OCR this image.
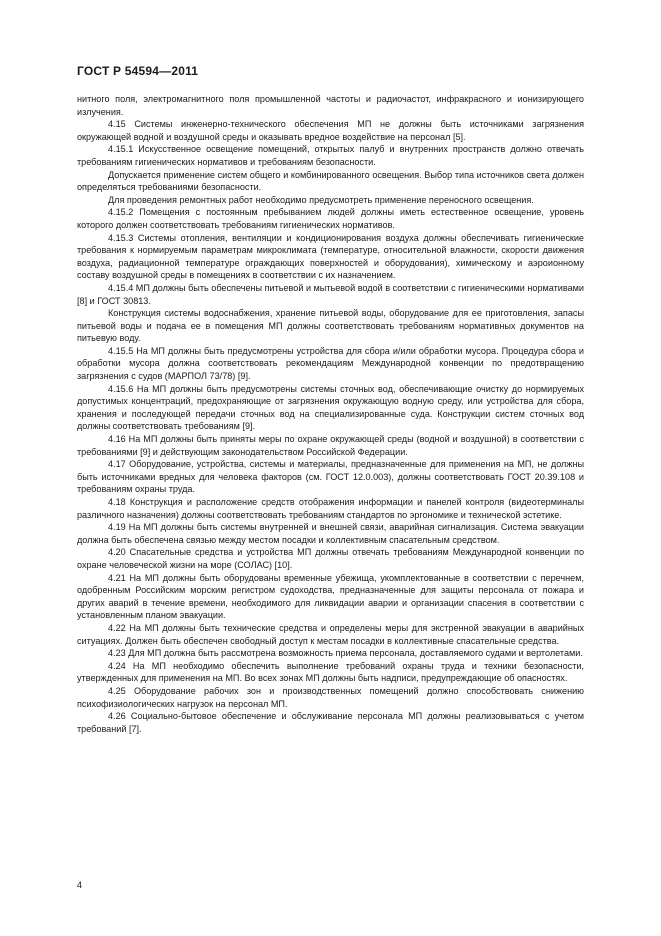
ГОСТ Р 54594—2011

нитного поля, электромагнитного поля промышленной частоты и радиочастот, инфракрасного и ионизирующего излучения.

4.15 Системы инженерно-технического обеспечения МП не должны быть источниками загрязнения окружающей водной и воздушной среды и оказывать вредное воздействие на персонал [5].

4.15.1 Искусственное освещение помещений, открытых палуб и внутренних пространств должно отвечать требованиям гигиенических нормативов и требованиям безопасности.

Допускается применение систем общего и комбинированного освещения. Выбор типа источников света должен определяться требованиями безопасности.

Для проведения ремонтных работ необходимо предусмотреть применение переносного освещения.

4.15.2 Помещения с постоянным пребыванием людей должны иметь естественное освещение, уровень которого должен соответствовать требованиям гигиенических нормативов.

4.15.3 Системы отопления, вентиляции и кондиционирования воздуха должны обеспечивать гигиенические требования к нормируемым параметрам микроклимата (температуре, относительной влажности, скорости движения воздуха, радиационной температуре ограждающих поверхностей и оборудования), химическому и аэроионному составу воздушной среды в помещениях в соответствии с их назначением.

4.15.4 МП должны быть обеспечены питьевой и мытьевой водой в соответствии с гигиеническими нормативами [8] и ГОСТ 30813.

Конструкция системы водоснабжения, хранение питьевой воды, оборудование для ее приготовления, запасы питьевой воды и подача ее в помещения МП должны соответствовать требованиям нормативных документов на питьевую воду.

4.15.5 На МП должны быть предусмотрены устройства для сбора и/или обработки мусора. Процедура сбора и обработки мусора должна соответствовать рекомендациям Международной конвенции по предотвращению загрязнения с судов (МАРПОЛ 73/78) [9].

4.15.6 На МП должны быть предусмотрены системы сточных вод, обеспечивающие очистку до нормируемых допустимых концентраций, предохраняющие от загрязнения окружающую водную среду, или устройства для сбора, хранения и последующей передачи сточных вод на специализированные суда. Конструкции систем сточных вод должны соответствовать требованиям [9].

4.16 На МП должны быть приняты меры по охране окружающей среды (водной и воздушной) в соответствии с требованиями [9] и действующим законодательством Российской Федерации.

4.17 Оборудование, устройства, системы и материалы, предназначенные для применения на МП, не должны быть источниками вредных для человека факторов (см. ГОСТ 12.0.003), должны соответствовать ГОСТ 20.39.108 и требованиям охраны труда.

4.18 Конструкция и расположение средств отображения информации и панелей контроля (видеотерминалы различного назначения) должны соответствовать требованиям стандартов по эргономике и технической эстетике.

4.19 На МП должны быть системы внутренней и внешней связи, аварийная сигнализация. Система эвакуации должна быть обеспечена связью между местом посадки и коллективным спасательным средством.

4.20 Спасательные средства и устройства МП должны отвечать требованиям Международной конвенции по охране человеческой жизни на море (СОЛАС) [10].

4.21 На МП должны быть оборудованы временные убежища, укомплектованные в соответствии с перечнем, одобренным Российским морским регистром судоходства, предназначенные для защиты персонала от пожара и других аварий в течение времени, необходимого для ликвидации аварии и организации спасения в соответствии с установленным планом эвакуации.

4.22 На МП должны быть технические средства и определены меры для экстренной эвакуации в аварийных ситуациях. Должен быть обеспечен свободный доступ к местам посадки в коллективные спасательные средства.

4.23 Для МП должна быть рассмотрена возможность приема персонала, доставляемого судами и вертолетами.

4.24 На МП необходимо обеспечить выполнение требований охраны труда и техники безопасности, утвержденных для применения на МП. Во всех зонах МП должны быть надписи, предупреждающие об опасностях.

4.25 Оборудование рабочих зон и производственных помещений должно способствовать снижению психофизиологических нагрузок на персонал МП.

4.26 Социально-бытовое обеспечение и обслуживание персонала МП должны реализовываться с учетом требований [7].

4
